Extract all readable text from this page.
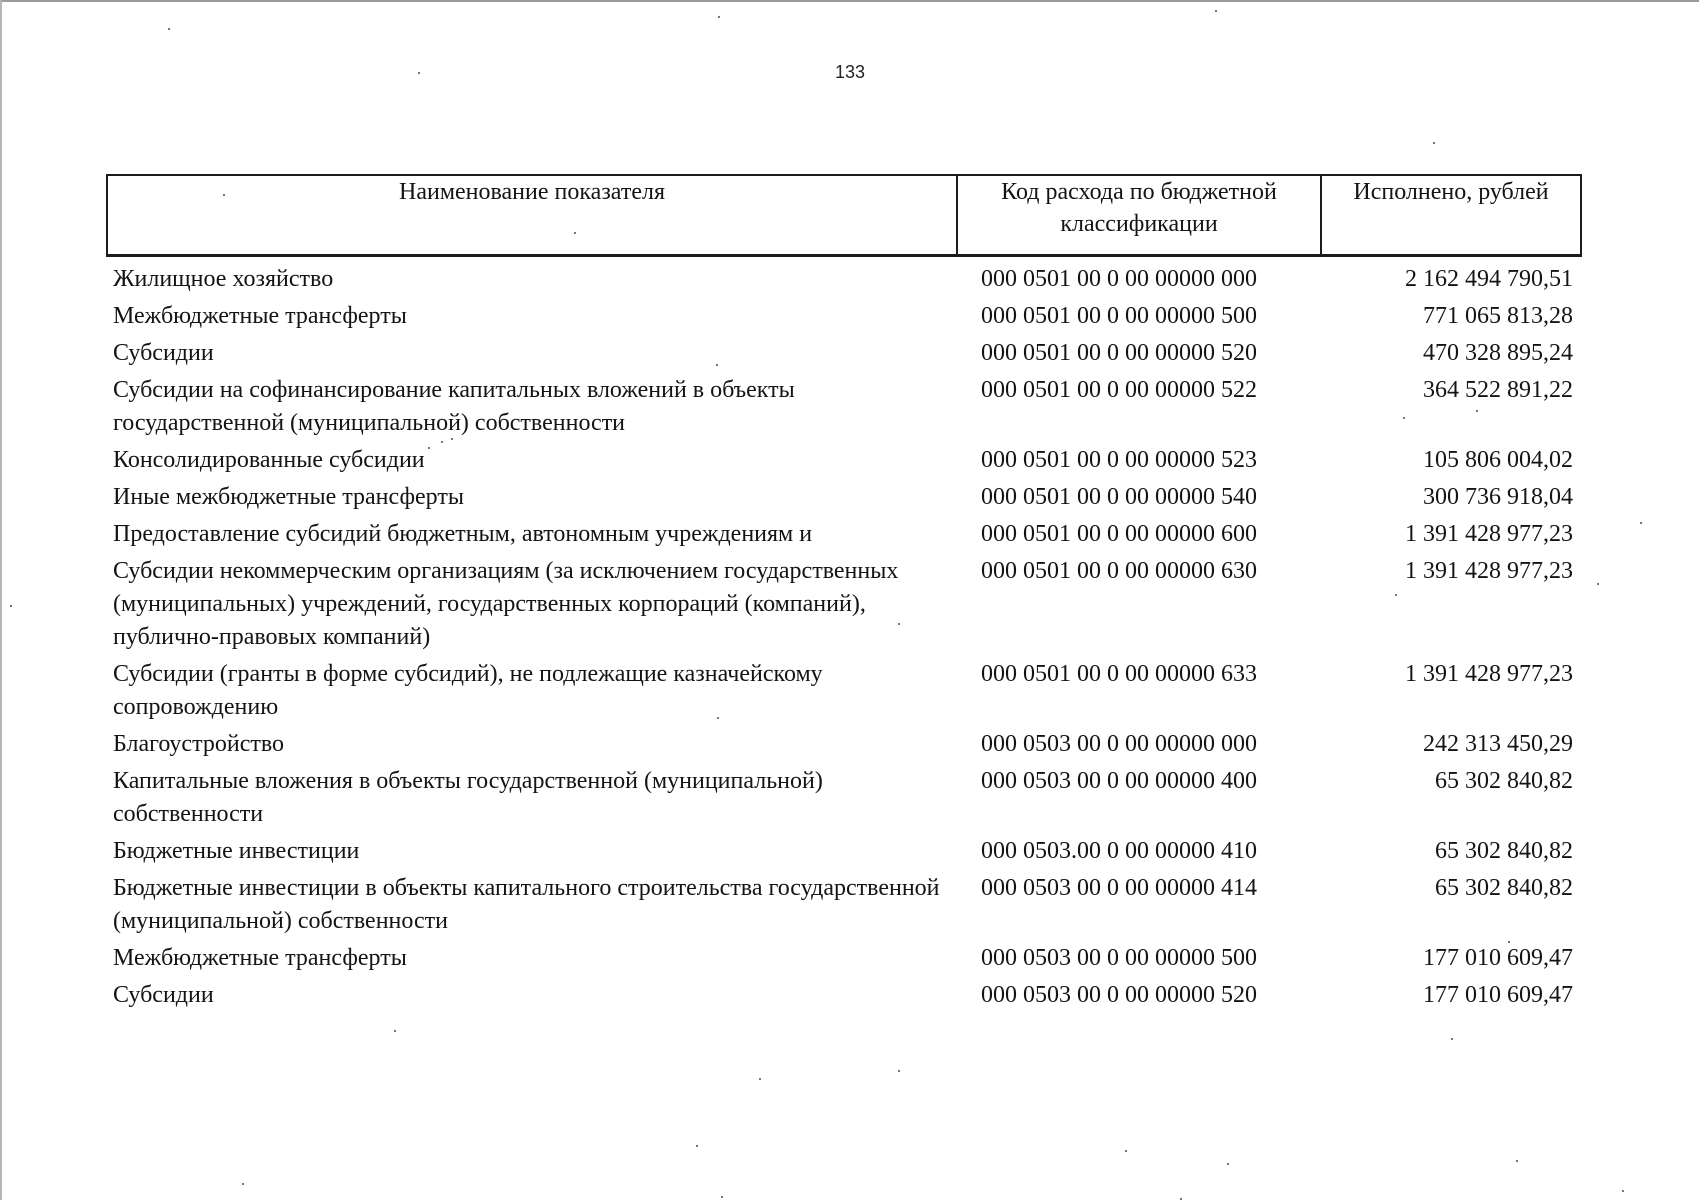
133
Наименование показателя	Код расхода по бюджетной классификации	Исполнено, рублей
Жилищное хозяйство	000 0501 00 0 00 00000 000	2 162 494 790,51
Межбюджетные трансферты	000 0501 00 0 00 00000 500	771 065 813,28
Субсидии	000 0501 00 0 00 00000 520	470 328 895,24
Субсидии на софинансирование капитальных вложений в объекты государственной (муниципальной) собственности	000 0501 00 0 00 00000 522	364 522 891,22
Консолидированные субсидии	000 0501 00 0 00 00000 523	105 806 004,02
Иные межбюджетные трансферты	000 0501 00 0 00 00000 540	300 736 918,04
Предоставление субсидий бюджетным, автономным учреждениям и	000 0501 00 0 00 00000 600	1 391 428 977,23
Субсидии некоммерческим организациям (за исключением государственных (муниципальных) учреждений, государственных корпораций (компаний), публично-правовых компаний)	000 0501 00 0 00 00000 630	1 391 428 977,23
Субсидии (гранты в форме субсидий), не подлежащие казначейскому сопровождению	000 0501 00 0 00 00000 633	1 391 428 977,23
Благоустройство	000 0503 00 0 00 00000 000	242 313 450,29
Капитальные вложения в объекты государственной (муниципальной) собственности	000 0503 00 0 00 00000 400	65 302 840,82
Бюджетные инвестиции	000 0503.00 0 00 00000 410	65 302 840,82
Бюджетные инвестиции в объекты капитального строительства государственной (муниципальной) собственности	000 0503 00 0 00 00000 414	65 302 840,82
Межбюджетные трансферты	000 0503 00 0 00 00000 500	177 010 609,47
Субсидии	000 0503 00 0 00 00000 520	177 010 609,47
